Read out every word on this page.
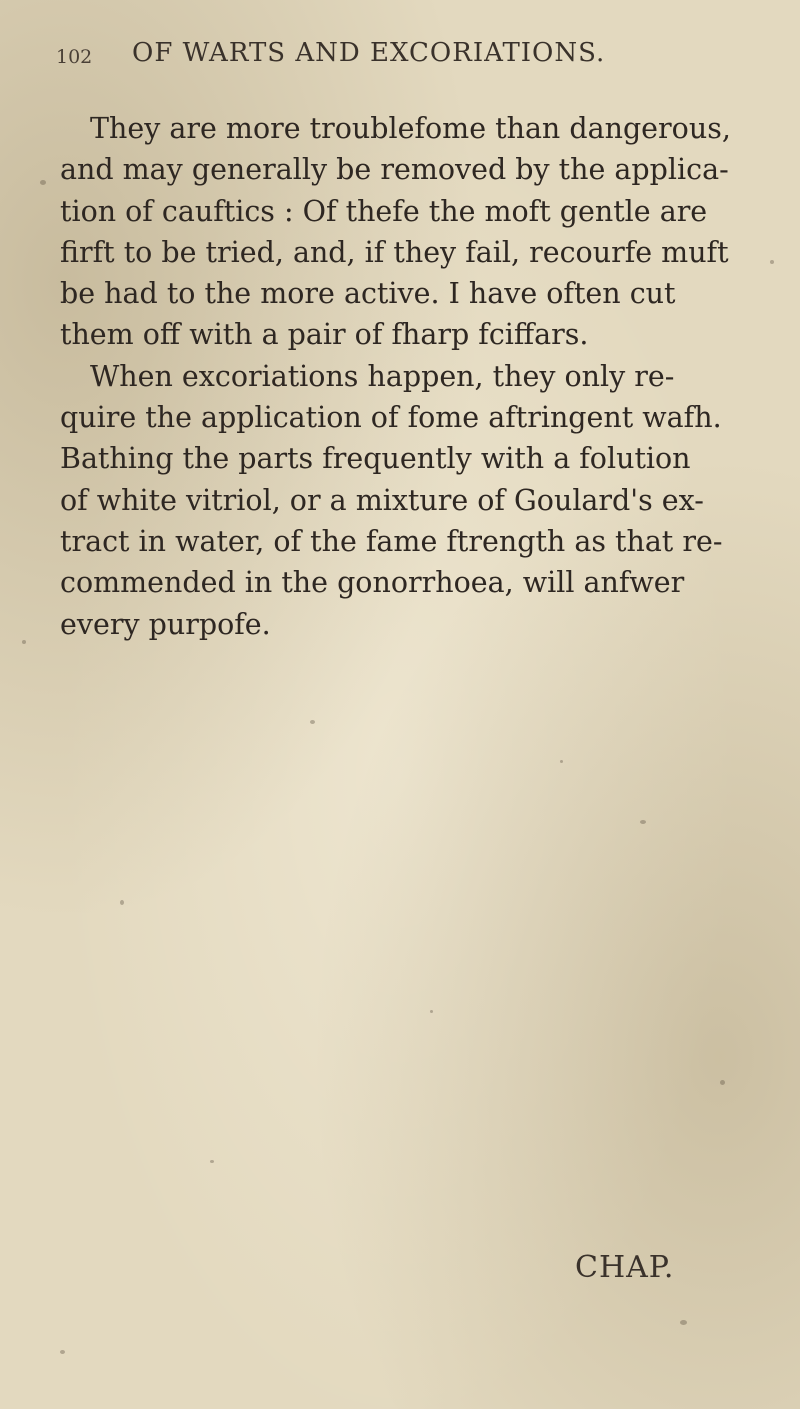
102 OF WARTS AND EXCORIATIONS.

They are more troublefome than dangerous,
and may generally be removed by the applica-
tion of cauftics : Of thefe the moft gentle are
firft to be tried, and, if they fail, recourfe muft
be had to the more active. I have often cut
them off with a pair of fharp fciffars.

When excoriations happen, they only re-
quire the application of fome aftringent wafh.
Bathing the parts frequently with a folution
of white vitriol, or a mixture of Goulard's ex-
tract in water, of the fame ftrength as that re-
commended in the gonorrhoea, will anfwer
every purpofe.

CHAP.
